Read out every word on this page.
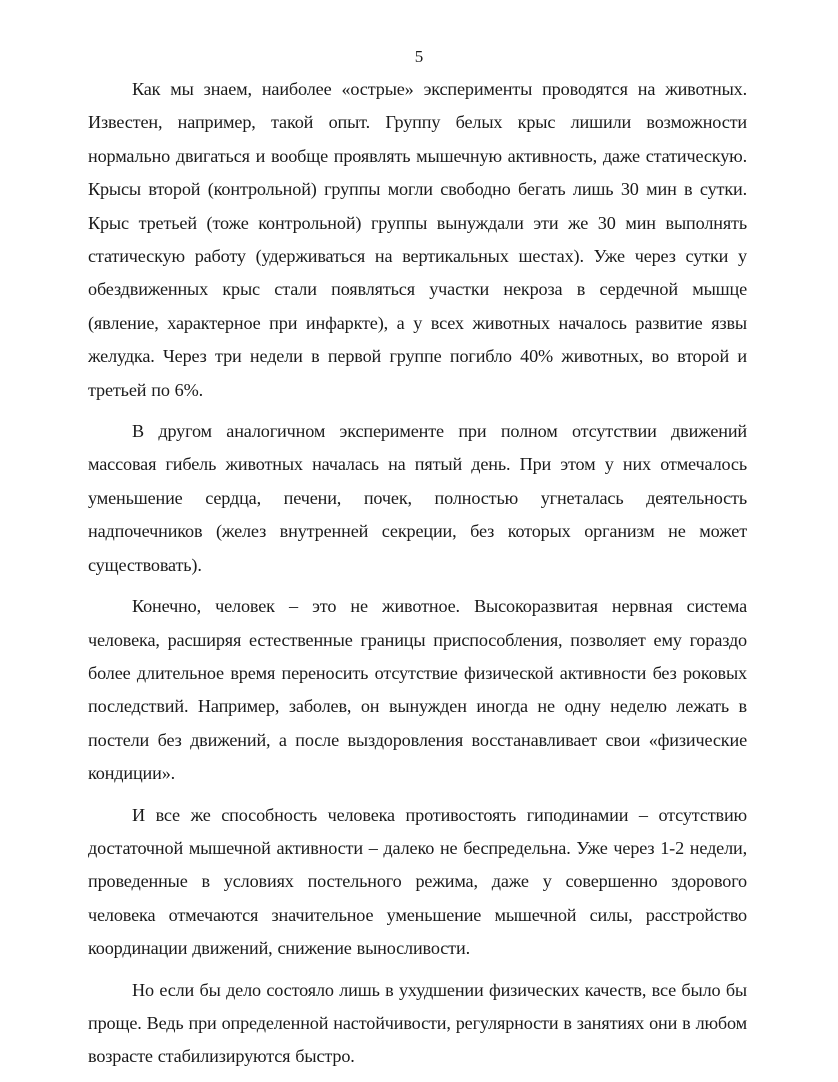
5

Как мы знаем, наиболее «острые» эксперименты проводятся на животных. Известен, например, такой опыт. Группу белых крыс лишили возможности нормально двигаться и вообще проявлять мышечную активность, даже статическую. Крысы второй (контрольной) группы могли свободно бегать лишь 30 мин в сутки. Крыс третьей (тоже контрольной) группы вынуждали эти же 30 мин выполнять статическую работу (удерживаться на вертикальных шестах). Уже через сутки у обездвиженных крыс стали появляться участки некроза в сердечной мышце (явление, характерное при инфаркте), а у всех животных началось развитие язвы желудка. Через три недели в первой группе погибло 40% животных, во второй и третьей по 6%.

В другом аналогичном эксперименте при полном отсутствии движений массовая гибель животных началась на пятый день. При этом у них отмечалось уменьшение сердца, печени, почек, полностью угнеталась деятельность надпочечников (желез внутренней секреции, без которых организм не может существовать).

Конечно, человек – это не животное. Высокоразвитая нервная система человека, расширяя естественные границы приспособления, позволяет ему гораздо более длительное время переносить отсутствие физической активности без роковых последствий. Например, заболев, он вынужден иногда не одну неделю лежать в постели без движений, а после выздоровления восстанавливает свои «физические кондиции».

И все же способность человека противостоять гиподинамии – отсутствию достаточной мышечной активности – далеко не беспредельна. Уже через 1-2 недели, проведенные в условиях постельного режима, даже у совершенно здорового человека отмечаются значительное уменьшение мышечной силы, расстройство координации движений, снижение выносливости.

Но если бы дело состояло лишь в ухудшении физических качеств, все было бы проще. Ведь при определенной настойчивости, регулярности в занятиях они в любом возрасте стабилизируются быстро.
